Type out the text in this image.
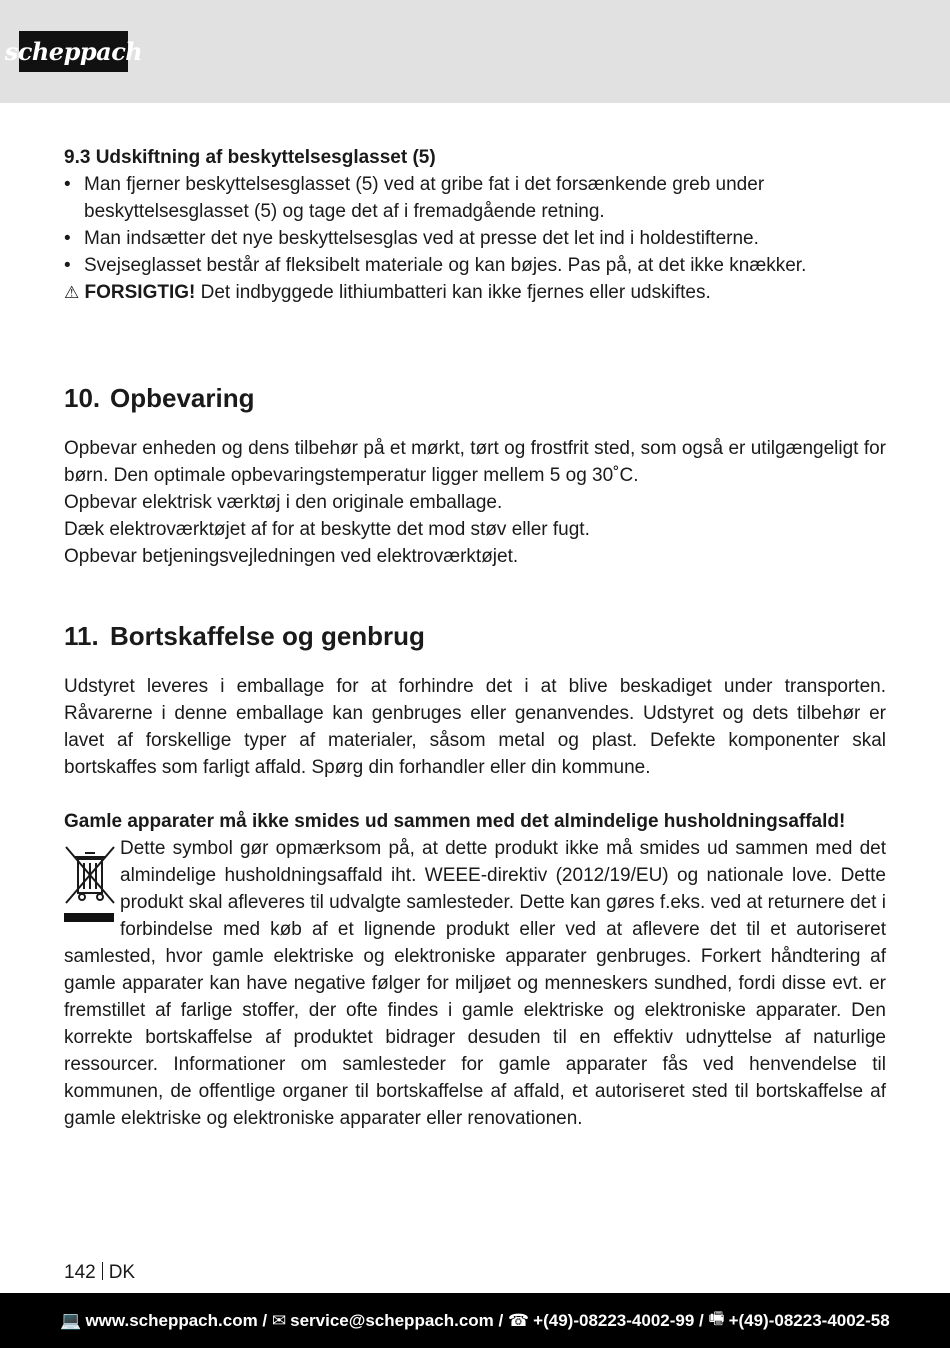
scheppach

9.3 Udskiftning af beskyttelsesglasset (5)

• Man fjerner beskyttelsesglasset (5) ved at gribe fat i det forsænkende greb under beskyttelsesglasset (5) og tage det af i fremadgående retning.
• Man indsætter det nye beskyttelsesglas ved at presse det let ind i holdestifterne.
• Svejseglasset består af fleksibelt materiale og kan bøjes. Pas på, at det ikke knækker.

⚠ FORSIGTIG! Det indbyggede lithiumbatteri kan ikke fjernes eller udskiftes.

10. Opbevaring

Opbevar enheden og dens tilbehør på et mørkt, tørt og frostfrit sted, som også er utilgængeligt for børn. Den optimale opbevaringstemperatur ligger mellem 5 og 30˚C.

Opbevar elektrisk værktøj i den originale emballage.

Dæk elektroværktøjet af for at beskytte det mod støv eller fugt.

Opbevar betjeningsvejledningen ved elektroværktøjet.

11. Bortskaffelse og genbrug

Udstyret leveres i emballage for at forhindre det i at blive beskadiget under transporten. Råvarerne i denne emballage kan genbruges eller genanvendes. Udstyret og dets tilbehør er lavet af forskellige typer af materialer, såsom metal og plast. Defekte komponenter skal bortskaffes som farligt affald. Spørg din forhandler eller din kommune.

Gamle apparater må ikke smides ud sammen med det almindelige husholdningsaffald!

Dette symbol gør opmærksom på, at dette produkt ikke må smides ud sammen med det almindelige husholdningsaffald iht. WEEE-direktiv (2012/19/EU) og nationale love. Dette produkt skal afleveres til udvalgte samlesteder. Dette kan gøres f.eks. ved at returnere det i forbindelse med køb af et lignende produkt eller ved at aflevere det til et autoriseret samlested, hvor gamle elektriske og elektroniske apparater genbruges. Forkert håndtering af gamle apparater kan have negative følger for miljøet og menneskers sundhed, fordi disse evt. er fremstillet af farlige stoffer, der ofte findes i gamle elektriske og elektroniske apparater. Den korrekte bortskaffelse af produktet bidrager desuden til en effektiv udnyttelse af naturlige ressourcer. Informationer om samlesteder for gamle apparater fås ved henvendelse til kommunen, de offentlige organer til bortskaffelse af affald, et autoriseret sted til bortskaffelse af gamle elektriske og elektroniske apparater eller renovationen.

142 DK
💻 www.scheppach.com / ✉ service@scheppach.com / ☎ +(49)-08223-4002-99 / 🖷 +(49)-08223-4002-58
